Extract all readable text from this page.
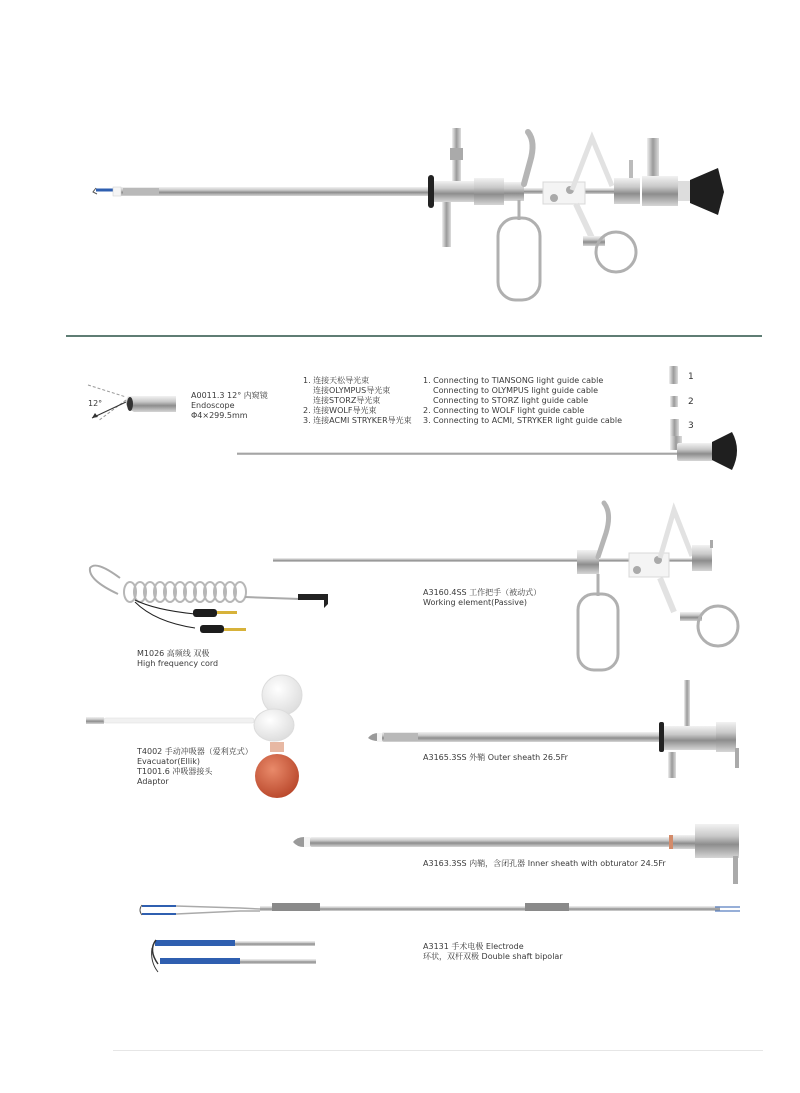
12°
A0011.3 12° 内窥镜
Endoscope
Φ4×299.5mm
1. 连接天松导光束
连接OLYMPUS导光束
连接STORZ导光束
2. 连接WOLF导光束
3. 连接ACMI STRYKER导光束
1. Connecting to TIANSONG light guide cable
Connecting to OLYMPUS light guide cable
Connecting to STORZ light guide cable
2. Connecting to WOLF light guide cable
3. Connecting to ACMI, STRYKER light guide cable
1
2
3
A3160.4SS 工作把手（被动式）
Working element(Passive)
M1026 高频线 双极
High frequency cord
T4002 手动冲吸器（爱利克式）
Evacuator(Ellik)
T1001.6 冲吸器接头
Adaptor
A3165.3SS 外鞘 Outer sheath 26.5Fr
A3163.3SS 内鞘，含闭孔器 Inner sheath with obturator 24.5Fr
A3131 手术电极 Electrode
环状，双杆双极 Double shaft bipolar
